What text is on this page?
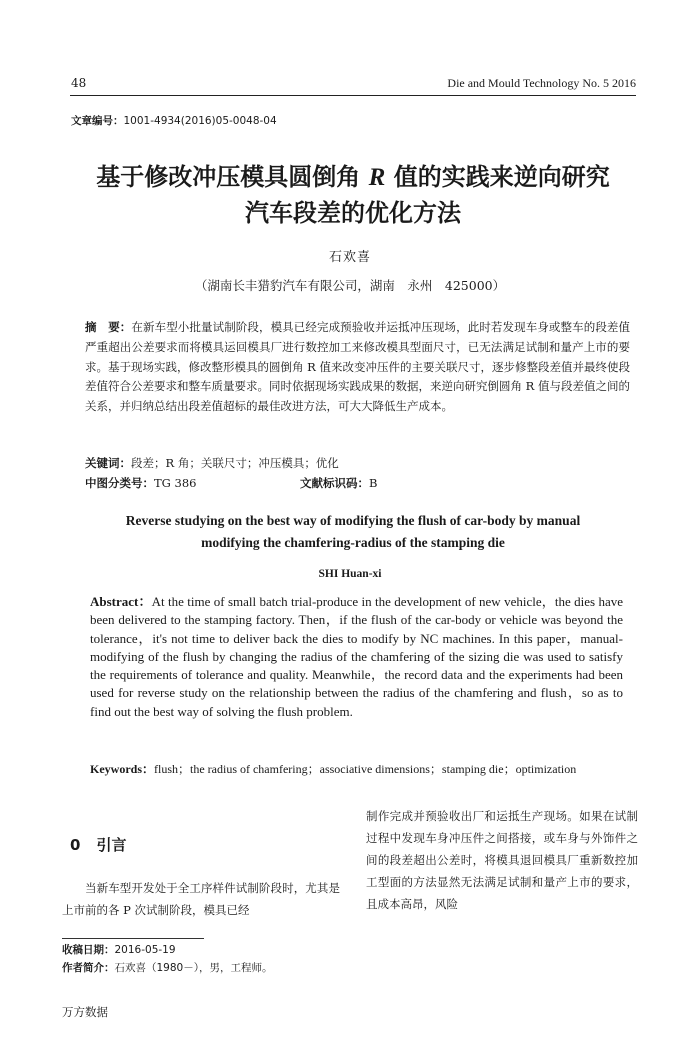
48	Die and Mould Technology No. 5 2016
文章编号：1001-4934(2016)05-0048-04
基于修改冲压模具圆倒角 R 值的实践来逆向研究
汽车段差的优化方法
石欢喜
（湖南长丰猎豹汽车有限公司，湖南　永州　425000）
摘　要：在新车型小批量试制阶段，模具已经完成预验收并运抵冲压现场，此时若发现车身或整车的段差值严重超出公差要求而将模具运回模具厂进行数控加工来修改模具型面尺寸，已无法满足试制和量产上市的要求。基于现场实践，修改整形模具的圆倒角 R 值来改变冲压件的主要关联尺寸，逐步修整段差值并最终使段差值符合公差要求和整车质量要求。同时依据现场实践成果的数据，来逆向研究倒圆角 R 值与段差值之间的关系，并归纳总结出段差值超标的最佳改进方法，可大大降低生产成本。
关键词：段差；R 角；关联尺寸；冲压模具；优化
中图分类号：TG 386	文献标识码：B
Reverse studying on the best way of modifying the flush of car-body by manual
modifying the chamfering-radius of the stamping die
SHI Huan-xi
Abstract：At the time of small batch trial-produce in the development of new vehicle，the dies have been delivered to the stamping factory. Then，if the flush of the car-body or vehicle was beyond the tolerance，it's not time to deliver back the dies to modify by NC machines. In this paper，manual-modifying of the flush by changing the radius of the chamfering of the sizing die was used to satisfy the requirements of tolerance and quality. Meanwhile，the record data and the experiments had been used for reverse study on the relationship between the radius of the chamfering and flush，so as to find out the best way of solving the flush problem.
Keywords：flush；the radius of chamfering；associative dimensions；stamping die；optimization
0 引言

当新车型开发处于全工序样件试制阶段时，尤其是上市前的各 P 次试制阶段，模具已经

制作完成并预验收出厂和运抵生产现场。如果在试制过程中发现车身冲压件之间搭接，或车身与外饰件之间的段差超出公差时，将模具退回模具厂重新数控加工型面的方法显然无法满足试制和量产上市的要求，且成本高昂，风险

收稿日期：2016-05-19
作者简介：石欢喜（1980－），男，工程师。
万方数据
